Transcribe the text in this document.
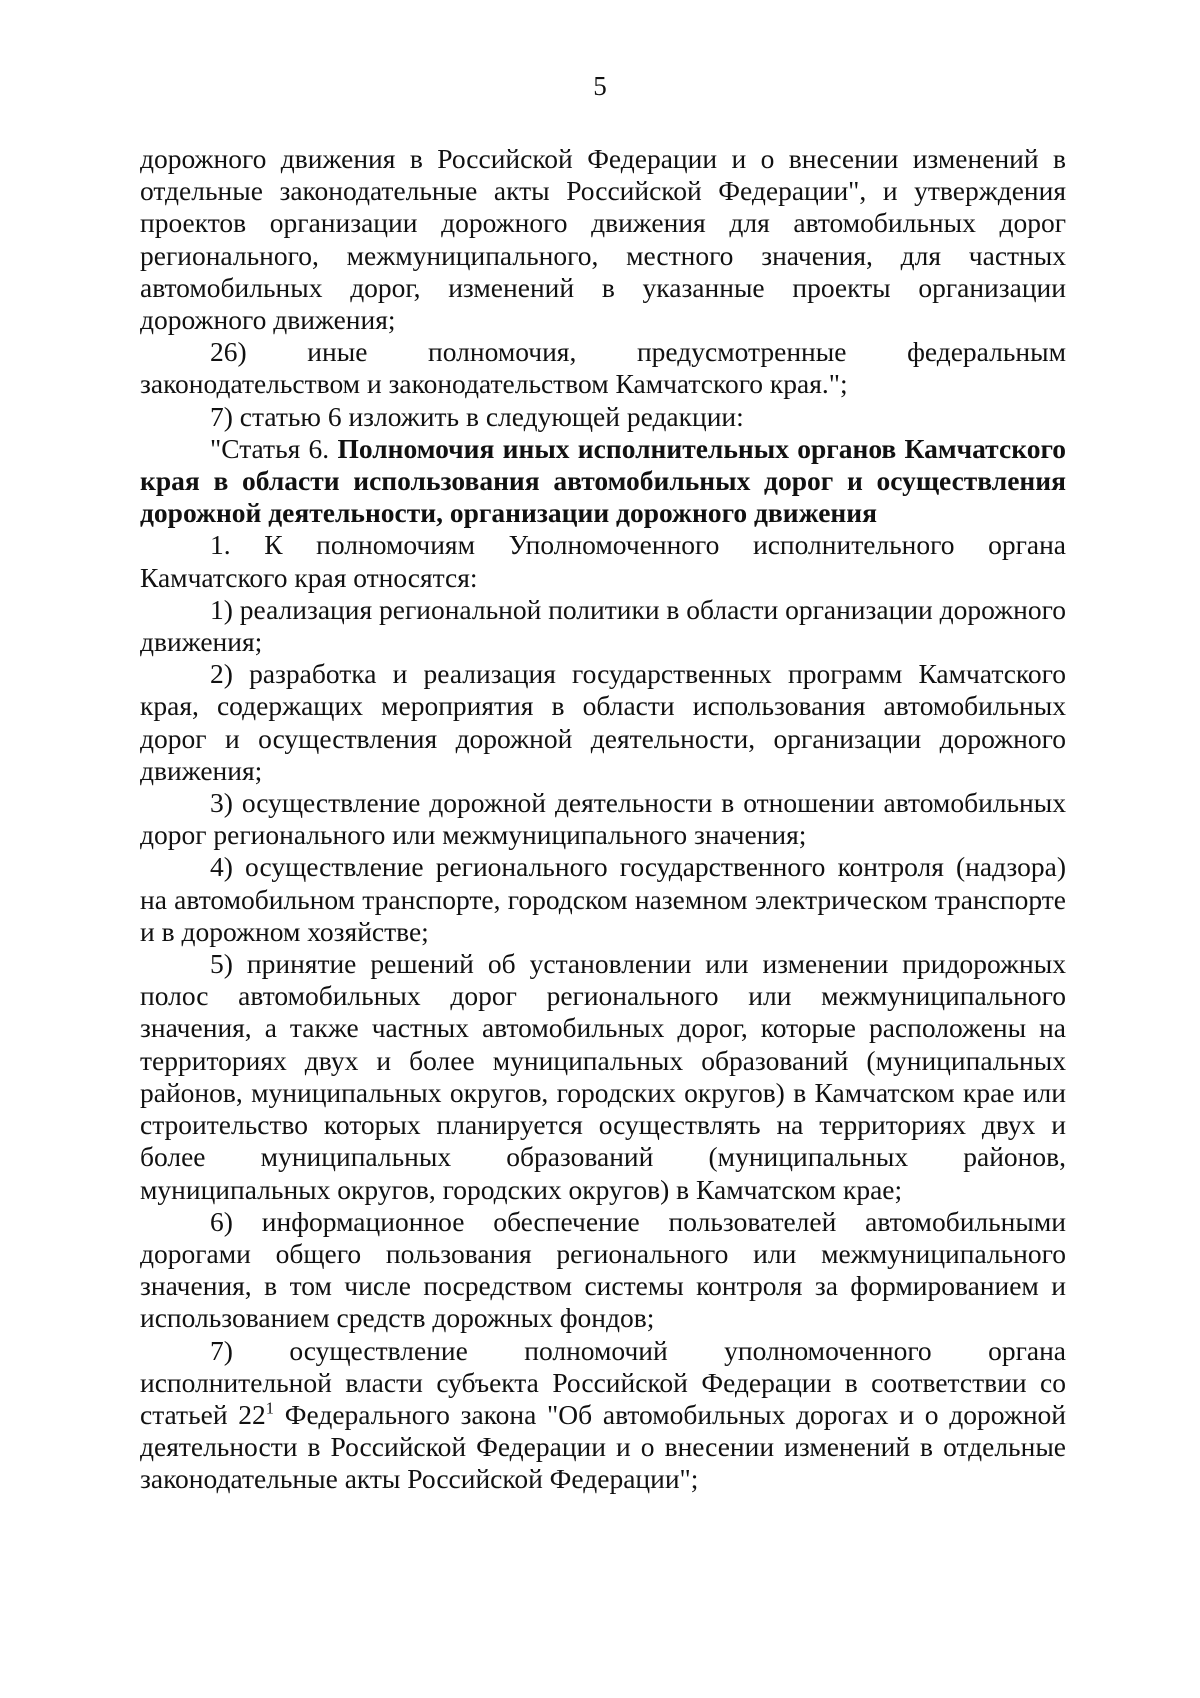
5

дорожного движения в Российской Федерации и о внесении изменений в отдельные законодательные акты Российской Федерации", и утверждения проектов организации дорожного движения для автомобильных дорог регионального, межмуниципального, местного значения, для частных автомобильных дорог, изменений в указанные проекты организации дорожного движения;

26) иные полномочия, предусмотренные федеральным законодательством и законодательством Камчатского края.";

7) статью 6 изложить в следующей редакции:

"Статья 6. Полномочия иных исполнительных органов Камчатского края в области использования автомобильных дорог и осуществления дорожной деятельности, организации дорожного движения

1. К полномочиям Уполномоченного исполнительного органа Камчатского края относятся:

1) реализация региональной политики в области организации дорожного движения;

2) разработка и реализация государственных программ Камчатского края, содержащих мероприятия в области использования автомобильных дорог и осуществления дорожной деятельности, организации дорожного движения;

3) осуществление дорожной деятельности в отношении автомобильных дорог регионального или межмуниципального значения;

4) осуществление регионального государственного контроля (надзора) на автомобильном транспорте, городском наземном электрическом транспорте и в дорожном хозяйстве;

5) принятие решений об установлении или изменении придорожных полос автомобильных дорог регионального или межмуниципального значения, а также частных автомобильных дорог, которые расположены на территориях двух и более муниципальных образований (муниципальных районов, муниципальных округов, городских округов) в Камчатском крае или строительство которых планируется осуществлять на территориях двух и более муниципальных образований (муниципальных районов, муниципальных округов, городских округов) в Камчатском крае;

6) информационное обеспечение пользователей автомобильными дорогами общего пользования регионального или межмуниципального значения, в том числе посредством системы контроля за формированием и использованием средств дорожных фондов;

7) осуществление полномочий уполномоченного органа исполнительной власти субъекта Российской Федерации в соответствии со статьей $22^1$ Федерального закона "Об автомобильных дорогах и о дорожной деятельности в Российской Федерации и о внесении изменений в отдельные законодательные акты Российской Федерации";
